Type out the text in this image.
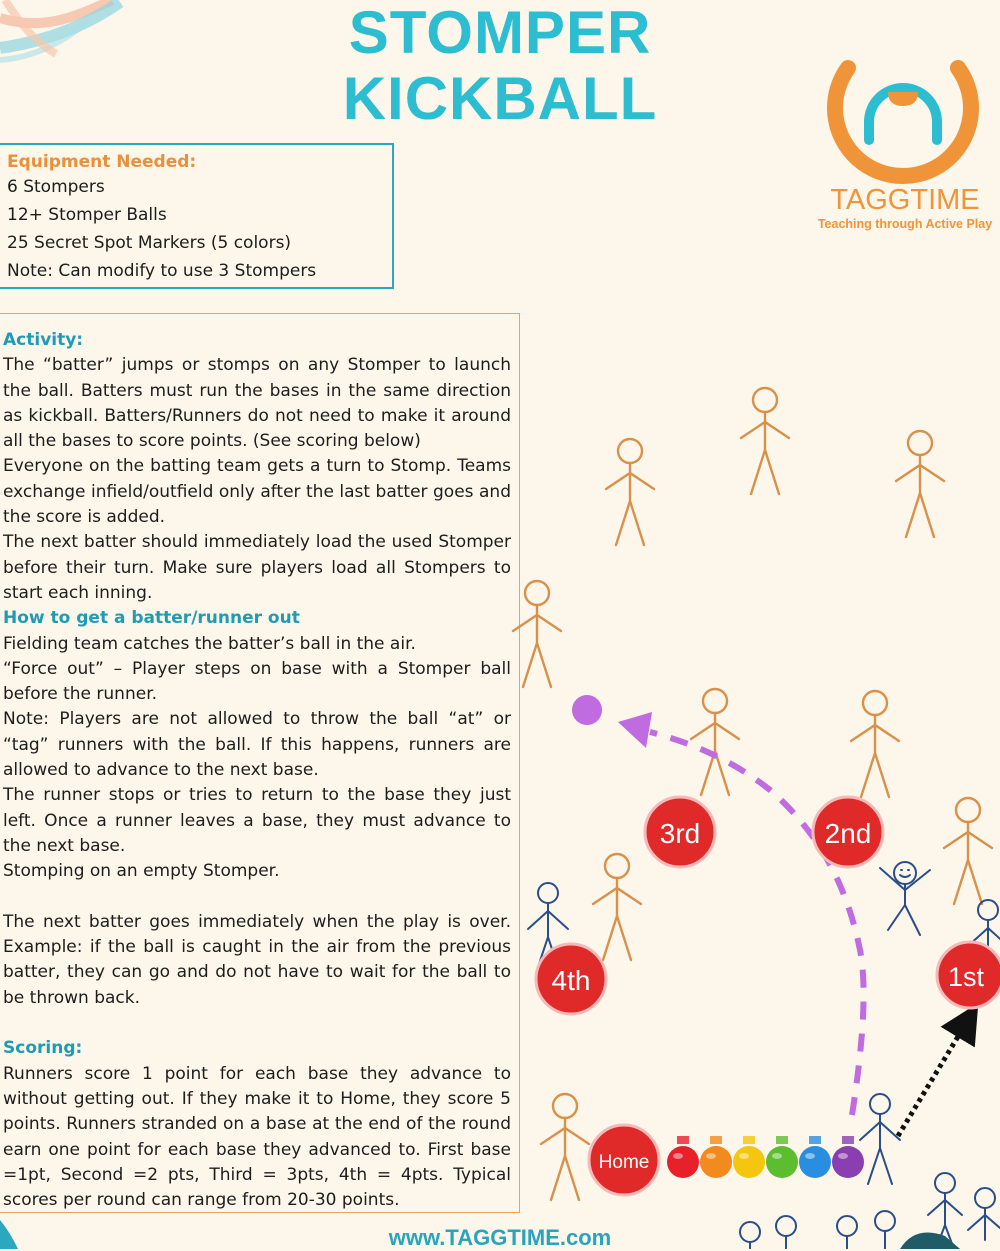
STOMPER
KICKBALL
TAGGTIME
Teaching through Active Play
Equipment Needed:
6 Stompers
12+ Stomper Balls
25 Secret Spot Markers (5 colors)
Note: Can modify to use 3 Stompers
Activity:

The “batter” jumps or stomps on any Stomper to launch the ball. Batters must run the bases in the same direction as kickball. Batters/Runners do not need to make it around all the bases to score points. (See scoring below)

Everyone on the batting team gets a turn to Stomp. Teams exchange infield/outfield only after the last batter goes and the score is added.

The next batter should immediately load the used Stomper before their turn. Make sure players load all Stompers to start each inning.

How to get a batter/runner out

Fielding team catches the batter’s ball in the air.

“Force out” – Player steps on base with a Stomper ball before the runner.

Note: Players are not allowed to throw the ball “at” or “tag” runners with the ball. If this happens, runners are allowed to advance to the next base.

The runner stops or tries to return to the base they just left. Once a runner leaves a base, they must advance to the next base.

Stomping on an empty Stomper.

The next batter goes immediately when the play is over. Example: if the ball is caught in the air from the previous batter, they can go and do not have to wait for the ball to be thrown back.

Scoring:

Runners score 1 point for each base they advance to without getting out. If they make it to Home, they score 5 points. Runners stranded on a base at the end of the round earn one point for each base they advanced to. First base =1pt, Second =2 pts, Third = 3pts, 4th = 4pts. Typical scores per round can range from 20-30 points.

3rd	2nd
4th	1st
Home
www.TAGGTIME.com
